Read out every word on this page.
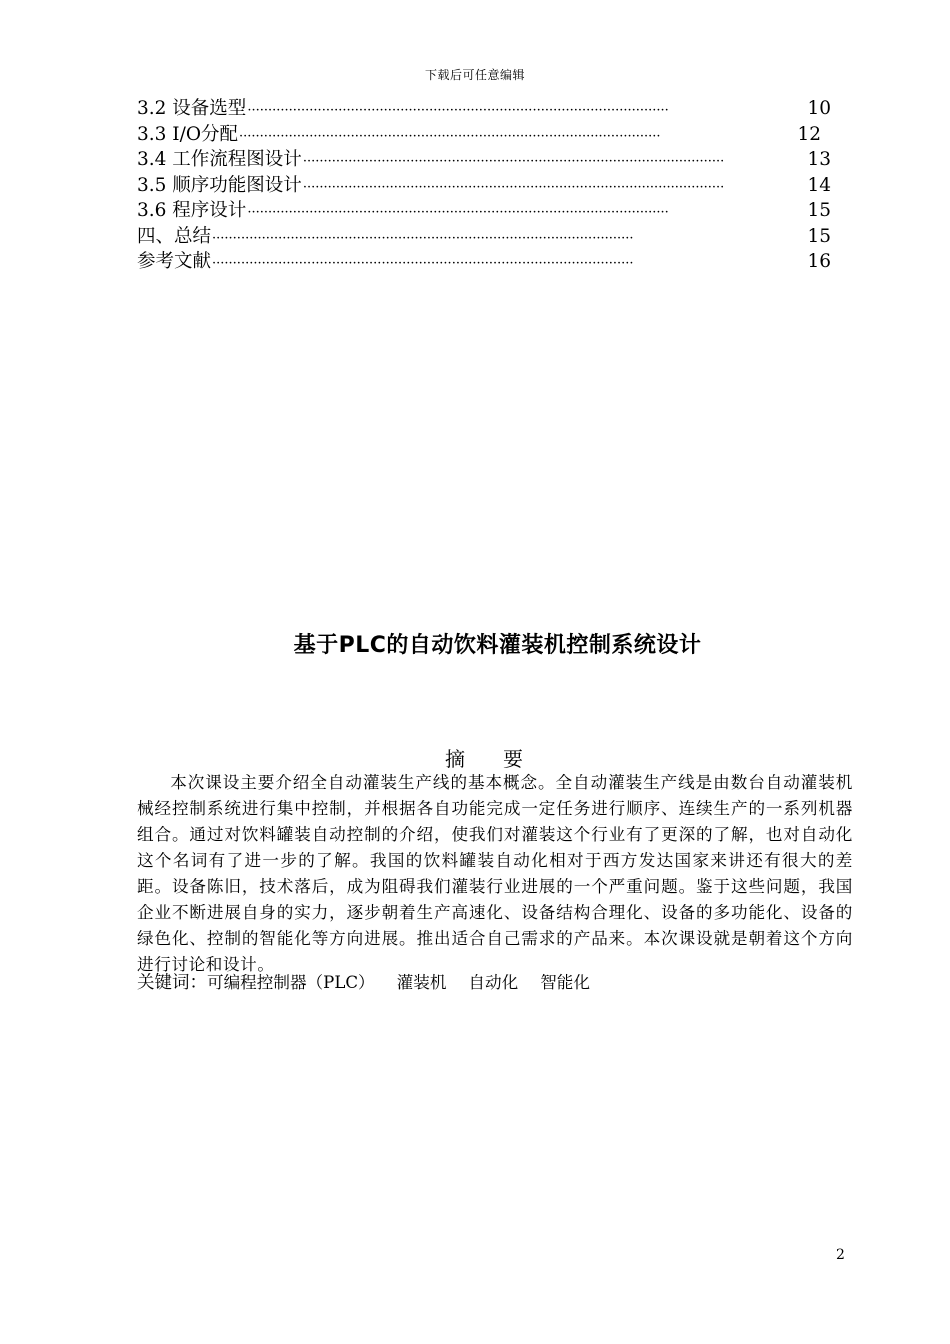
下载后可任意编辑
3.2 设备选型 ·····	10
3.3 I/O分配 ·····	12
3.4 工作流程图设计 ·····	13
3.5 顺序功能图设计 ·····	14
3.6 程序设计 ·····	15
四、总结 ·····	15
参考文献 ·····	16
基于PLC的自动饮料灌装机控制系统设计
摘 要

本次课设主要介绍全自动灌装生产线的基本概念。全自动灌装生产线是由数台自动灌装机械经控制系统进行集中控制，并根据各自功能完成一定任务进行顺序、连续生产的一系列机器组合。通过对饮料罐装自动控制的介绍，使我们对灌装这个行业有了更深的了解，也对自动化这个名词有了进一步的了解。我国的饮料罐装自动化相对于西方发达国家来讲还有很大的差距。设备陈旧，技术落后，成为阻碍我们灌装行业进展的一个严重问题。鉴于这些问题，我国企业不断进展自身的实力，逐步朝着生产高速化、设备结构合理化、设备的多功能化、设备的绿色化、控制的智能化等方向进展。推出适合自己需求的产品来。本次课设就是朝着这个方向进行讨论和设计。

关键词：可编程控制器（PLC） 灌装机 自动化 智能化
2
